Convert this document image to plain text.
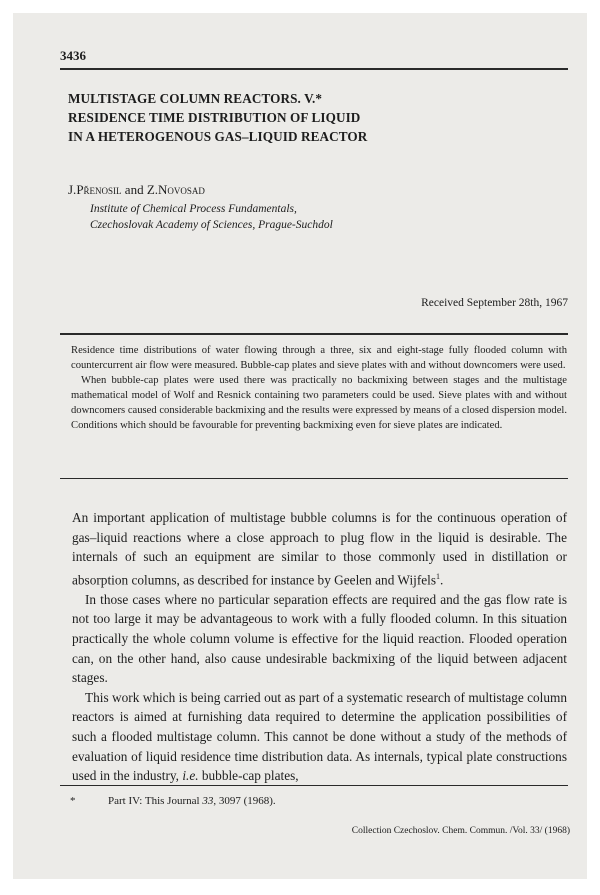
3436
MULTISTAGE COLUMN REACTORS. V.*
RESIDENCE TIME DISTRIBUTION OF LIQUID
IN A HETEROGENOUS GAS–LIQUID REACTOR
J.Přenosil and Z.Novosad
Institute of Chemical Process Fundamentals,
Czechoslovak Academy of Sciences, Prague-Suchdol
Received September 28th, 1967

Residence time distributions of water flowing through a three, six and eight-stage fully flooded column with countercurrent air flow were measured. Bubble-cap plates and sieve plates with and without downcomers were used.

When bubble-cap plates were used there was practically no backmixing between stages and the multistage mathematical model of Wolf and Resnick containing two parameters could be used. Sieve plates with and without downcomers caused considerable backmixing and the results were expressed by means of a closed dispersion model. Conditions which should be favourable for preventing backmixing even for sieve plates are indicated.

An important application of multistage bubble columns is for the continuous operation of gas–liquid reactions where a close approach to plug flow in the liquid is desirable. The internals of such an equipment are similar to those commonly used in distillation or absorption columns, as described for instance by Geelen and Wijfels$^1$.

In those cases where no particular separation effects are required and the gas flow rate is not too large it may be advantageous to work with a fully flooded column. In this situation practically the whole column volume is effective for the liquid reaction. Flooded operation can, on the other hand, also cause undesirable backmixing of the liquid between adjacent stages.

This work which is being carried out as part of a systematic research of multistage column reactors is aimed at furnishing data required to determine the application possibilities of such a flooded multistage column. This cannot be done without a study of the methods of evaluation of liquid residence time distribution data. As internals, typical plate constructions used in the industry, i.e. bubble-cap plates,

*	Part IV: This Journal 33, 3097 (1968).
Collection Czechoslov. Chem. Commun. /Vol. 33/ (1968)
